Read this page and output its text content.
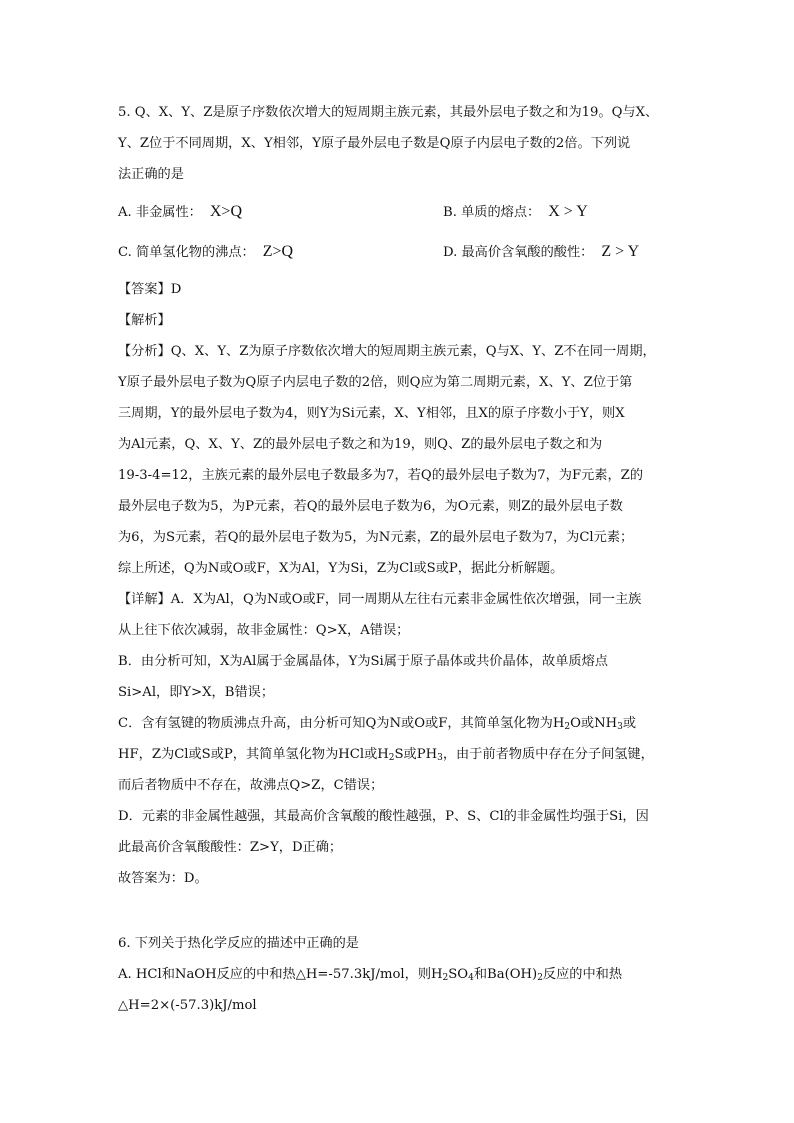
5. Q、X、Y、Z是原子序数依次增大的短周期主族元素，其最外层电子数之和为19。Q与X、
Y、Z位于不同周期，X、Y相邻，Y原子最外层电子数是Q原子内层电子数的2倍。下列说
法正确的是
A. 非金属性： X>Q	B. 单质的熔点： X > Y
C. 简单氢化物的沸点： Z>Q	D. 最高价含氧酸的酸性： Z > Y
【答案】D
【解析】
【分析】Q、X、Y、Z为原子序数依次增大的短周期主族元素，Q与X、Y、Z不在同一周期，
Y原子最外层电子数为Q原子内层电子数的2倍，则Q应为第二周期元素，X、Y、Z位于第
三周期，Y的最外层电子数为4，则Y为Si元素，X、Y相邻，且X的原子序数小于Y，则X
为Al元素，Q、X、Y、Z的最外层电子数之和为19，则Q、Z的最外层电子数之和为
19-3-4=12，主族元素的最外层电子数最多为7，若Q的最外层电子数为7，为F元素，Z的
最外层电子数为5，为P元素，若Q的最外层电子数为6，为O元素，则Z的最外层电子数
为6，为S元素，若Q的最外层电子数为5，为N元素，Z的最外层电子数为7，为Cl元素；
综上所述，Q为N或O或F，X为Al，Y为Si，Z为Cl或S或P，据此分析解题。
【详解】A．X为Al，Q为N或O或F，同一周期从左往右元素非金属性依次增强，同一主族
从上往下依次减弱，故非金属性：Q>X，A错误；
B．由分析可知，X为Al属于金属晶体，Y为Si属于原子晶体或共价晶体，故单质熔点
Si>Al，即Y>X，B错误；
C．含有氢键的物质沸点升高，由分析可知Q为N或O或F，其简单氢化物为$H_2O$或$NH_3$或
HF，Z为Cl或S或P，其简单氢化物为HCl或$H_2S$或$PH_3$，由于前者物质中存在分子间氢键，
而后者物质中不存在，故沸点Q>Z，C错误；
D．元素的非金属性越强，其最高价含氧酸的酸性越强，P、S、Cl的非金属性均强于Si，因
此最高价含氧酸酸性：Z>Y，D正确；
故答案为：D。
6. 下列关于热化学反应的描述中正确的是
A. HCl和NaOH反应的中和热△H=-57.3kJ/mol，则$H_2SO_4$和$Ba(OH)_2$反应的中和热
△H=2×(-57.3)kJ/mol
